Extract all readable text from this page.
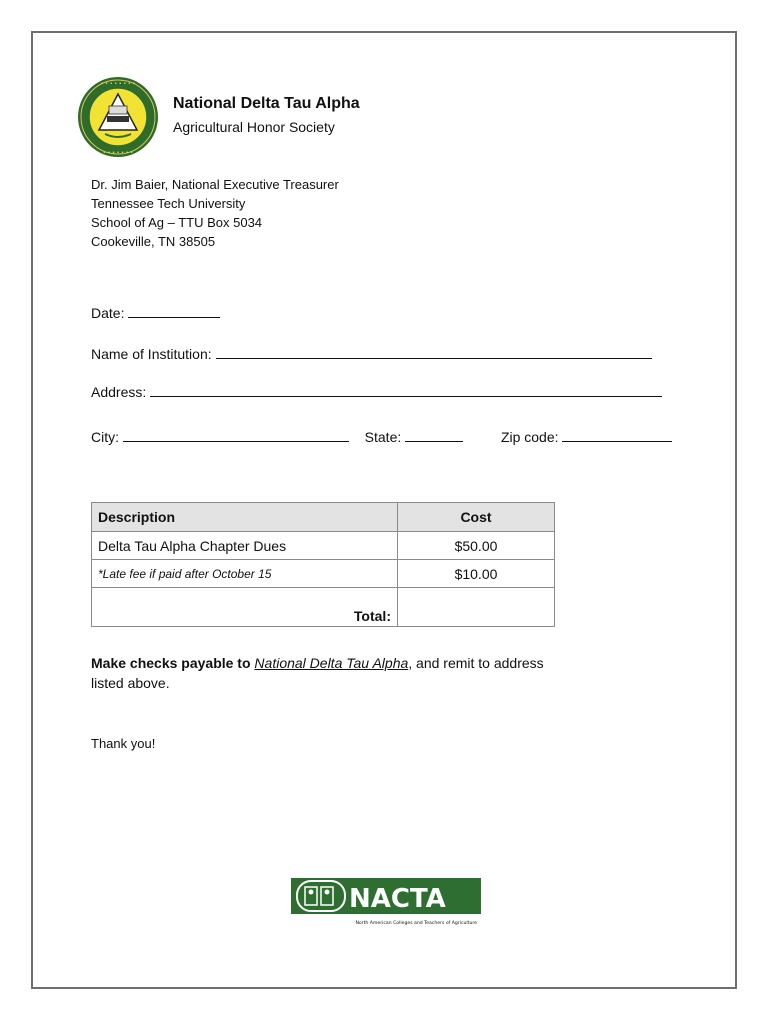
• • • • • • • •
• • • • • • •
National Delta Tau Alpha
Agricultural Honor Society
Dr. Jim Baier, National Executive Treasurer
Tennessee Tech University
School of Ag – TTU Box 5034
Cookeville, TN 38505
Date:
Name of Institution:
Address:
City:	State:	Zip code:
Description	Cost
Delta Tau Alpha Chapter Dues	$50.00
*Late fee if paid after October 15	$10.00
Total:	
Make checks payable to National Delta Tau Alpha, and remit to address listed above.
Thank you!
NACTA
North American Colleges and Teachers of Agriculture
